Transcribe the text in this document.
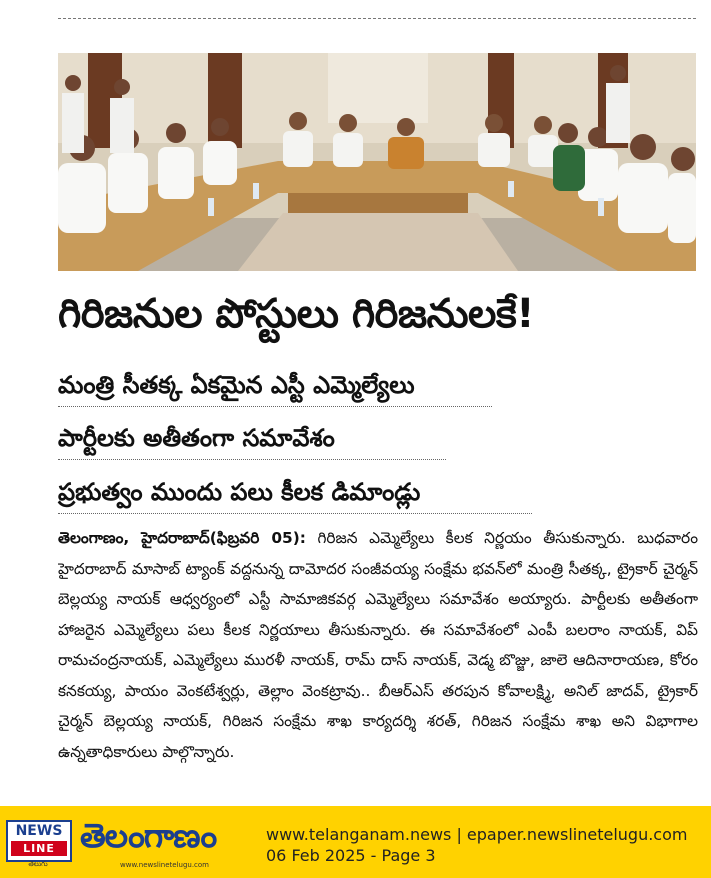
గిరిజనుల పోస్టులు గిరిజనులకే!
మంత్రి సీతక్క ఏకమైన ఎస్టీ ఎమ్మెల్యేలు
పార్టీలకు అతీతంగా సమావేశం
ప్రభుత్వం ముందు పలు కీలక డిమాండ్లు
తెలంగాణం, హైదరాబాద్(ఫిబ్రవరి 05): గిరిజన ఎమ్మెల్యేలు కీలక నిర్ణయం తీసుకున్నారు. బుధవారం హైదరాబాద్ మాసాబ్ ట్యాంక్ వద్దనున్న దామోదర సంజీవయ్య సంక్షేమ భవన్‌లో మంత్రి సీతక్క, ట్రైకార్ చైర్మన్ బెల్లయ్య నాయక్ ఆధ్వర్యంలో ఎస్టీ సామాజికవర్గ ఎమ్మెల్యేలు సమావేశం అయ్యారు. పార్టీలకు అతీతంగా హాజరైన ఎమ్మెల్యేలు పలు కీలక నిర్ణయాలు తీసుకున్నారు. ఈ సమావేశంలో ఎంపీ బలరాం నాయక్, విప్ రామచంద్రనాయక్, ఎమ్మెల్యేలు మురళీ నాయక్, రామ్ దాస్ నాయక్, వెడ్మ బొజ్జు, జాలె ఆదినారాయణ, కోరం కనకయ్య, పాయం వెంకటేశ్వర్లు, తెల్లాం వెంకట్రావు.. బీఆర్ఎస్ తరపున కోవాలక్ష్మి, అనిల్ జాదవ్, ట్రైకార్ చైర్మన్ బెల్లయ్య నాయక్, గిరిజన సంక్షేమ శాఖ కార్యదర్శి శరత్, గిరిజన సంక్షేమ శాఖ అని విభాగాల ఉన్నతాధికారులు పాల్గొన్నారు.
NEWS
LINE
తెలుగు
తెలంగాణం
www.newslinetelugu.com
www.telanganam.news | epaper.newslinetelugu.com
06 Feb 2025 - Page 3
